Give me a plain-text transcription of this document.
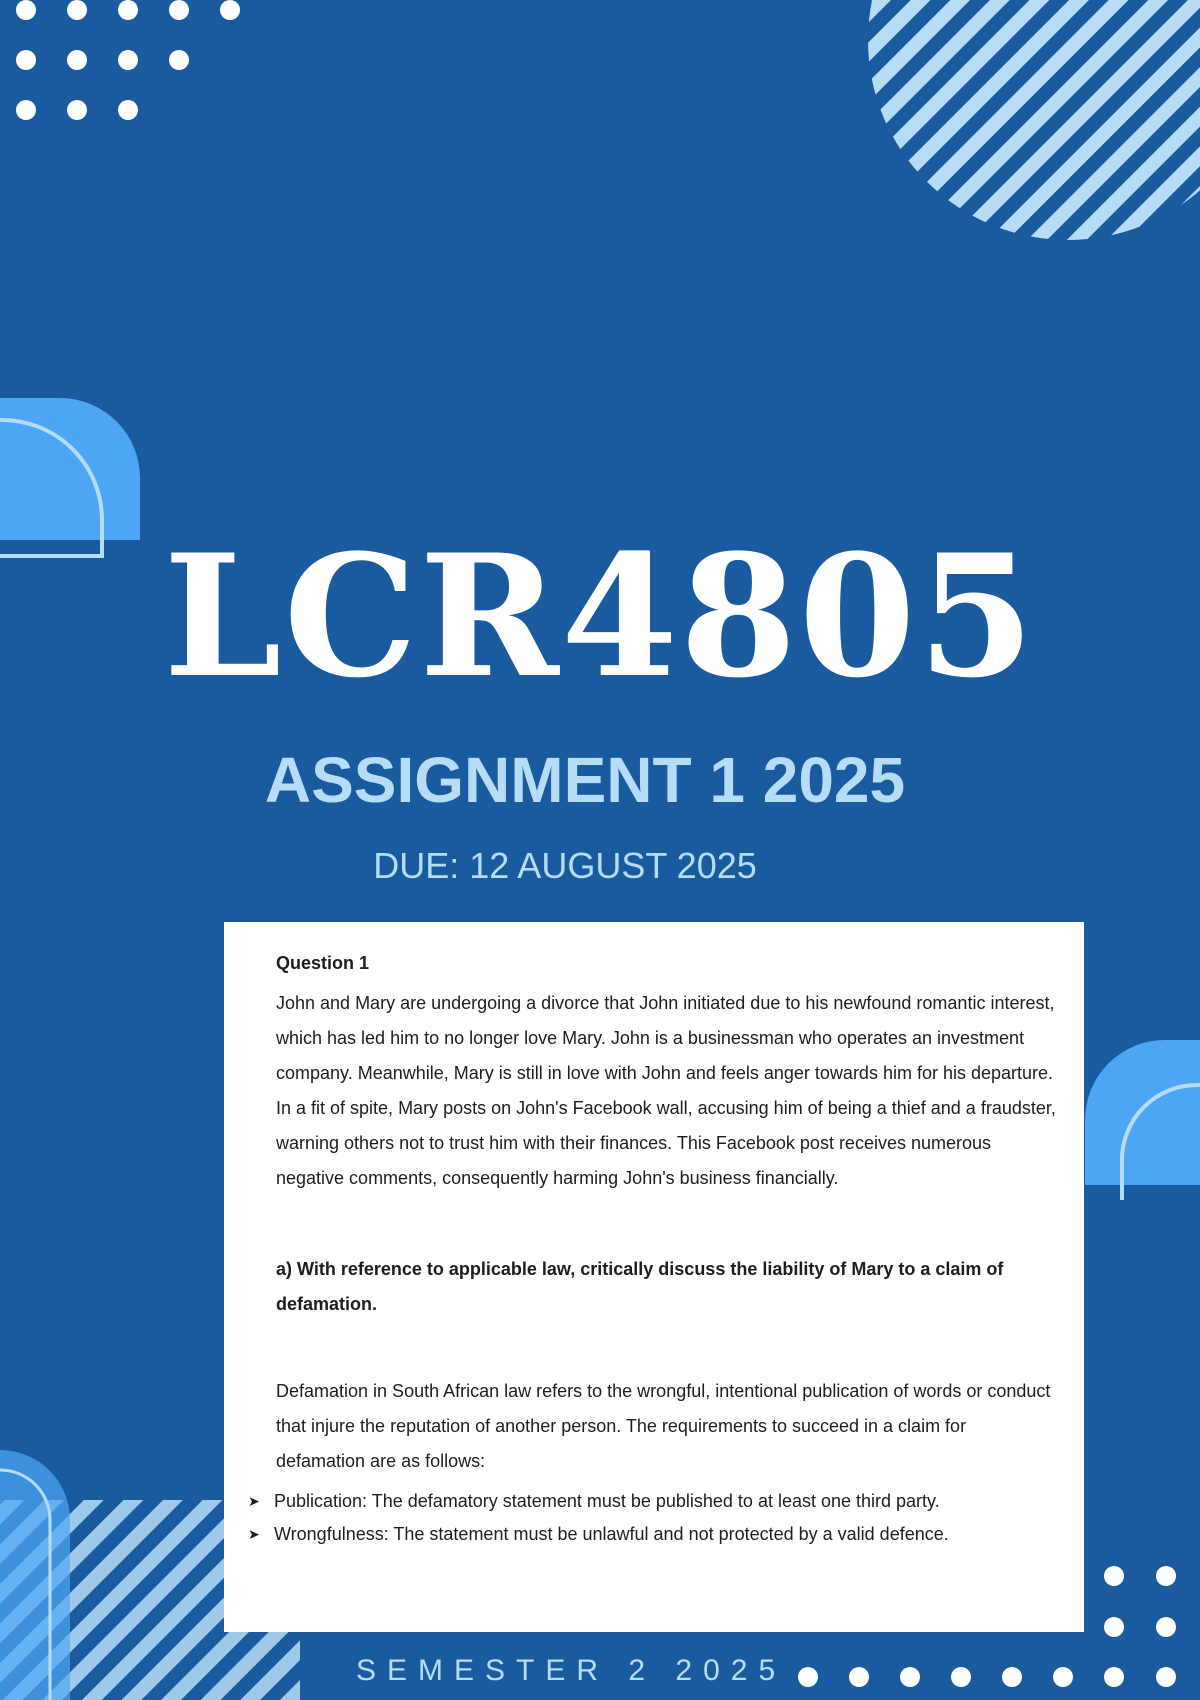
LCR4805
ASSIGNMENT 1 2025
DUE: 12 AUGUST 2025
Question 1

John and Mary are undergoing a divorce that John initiated due to his newfound romantic interest, which has led him to no longer love Mary. John is a businessman who operates an investment company. Meanwhile, Mary is still in love with John and feels anger towards him for his departure. In a fit of spite, Mary posts on John's Facebook wall, accusing him of being a thief and a fraudster, warning others not to trust him with their finances. This Facebook post receives numerous negative comments, consequently harming John's business financially.

a) With reference to applicable law, critically discuss the liability of Mary to a claim of defamation.

Defamation in South African law refers to the wrongful, intentional publication of words or conduct that injure the reputation of another person. The requirements to succeed in a claim for defamation are as follows:

➤ Publication: The defamatory statement must be published to at least one third party.
➤ Wrongfulness: The statement must be unlawful and not protected by a valid defence.
SEMESTER 2 2025
